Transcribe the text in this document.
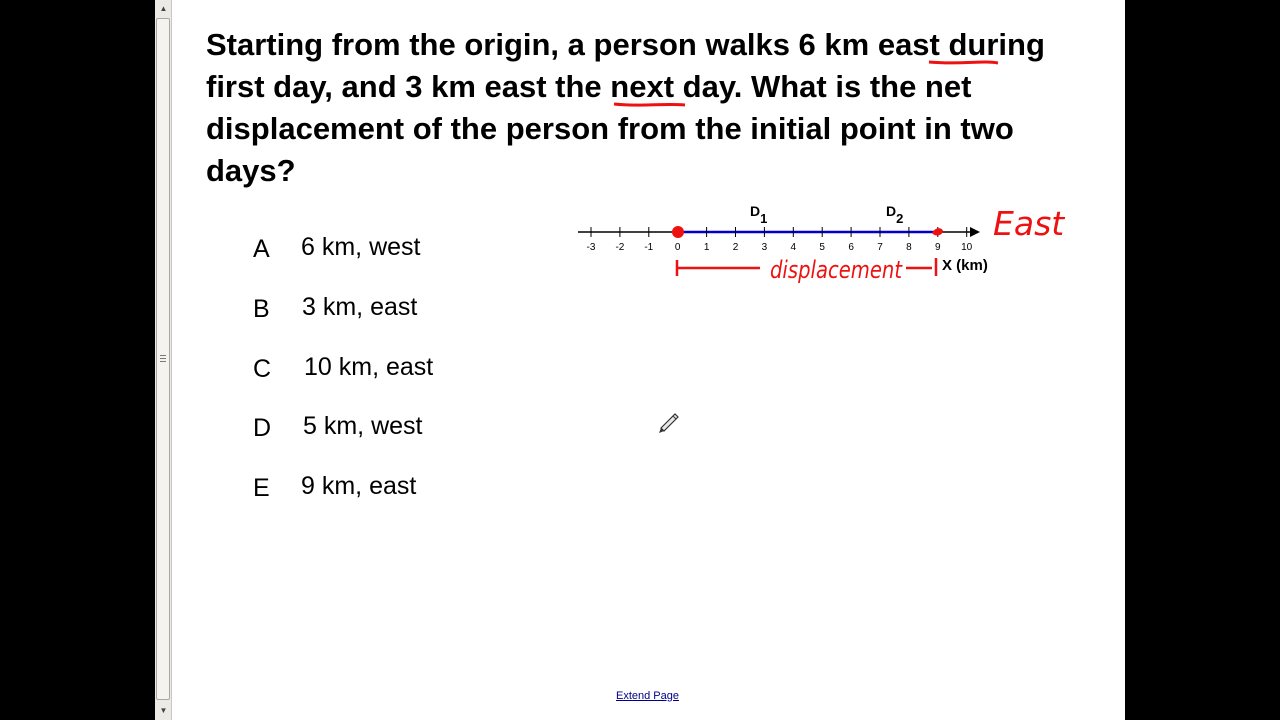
▲
▼
Starting from the origin, a person walks 6 km east during first day, and 3 km east the next day. What is the net displacement of the person from the initial point in two days?
A 6 km, west
B 3 km, east
C 10 km, east
D 5 km, west
E 9 km, east
-3 -2 -1 0 1 2 3 4 5 6 7 8 9 10
D1	D2	East
displacement	X (km)
Extend Page
